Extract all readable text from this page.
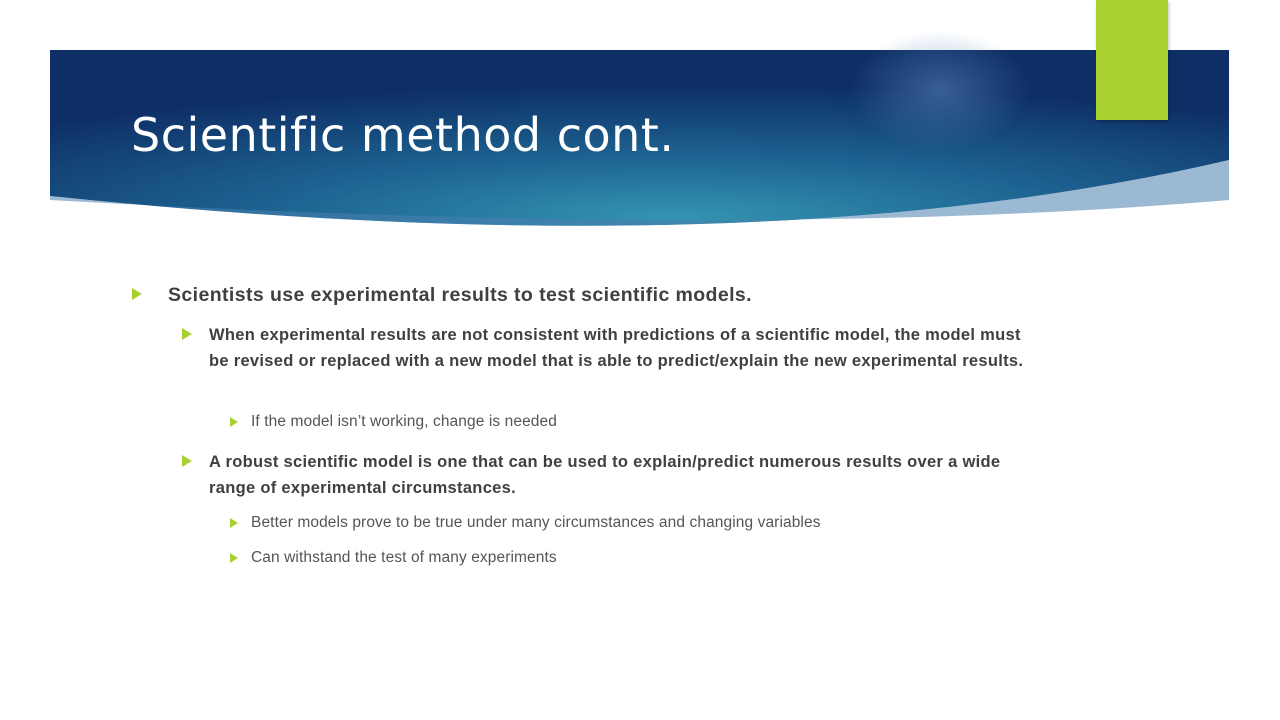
Scientific method cont.
Scientists use experimental results to test scientific models.
When experimental results are not consistent with predictions of a scientific model, the model must be revised or replaced with a new model that is able to predict/explain the new experimental results.
If the model isn’t working, change is needed
A robust scientific model is one that can be used to explain/predict numerous results over a wide range of experimental circumstances.
Better models prove to be true under many circumstances and changing variables
Can withstand the test of many experiments
